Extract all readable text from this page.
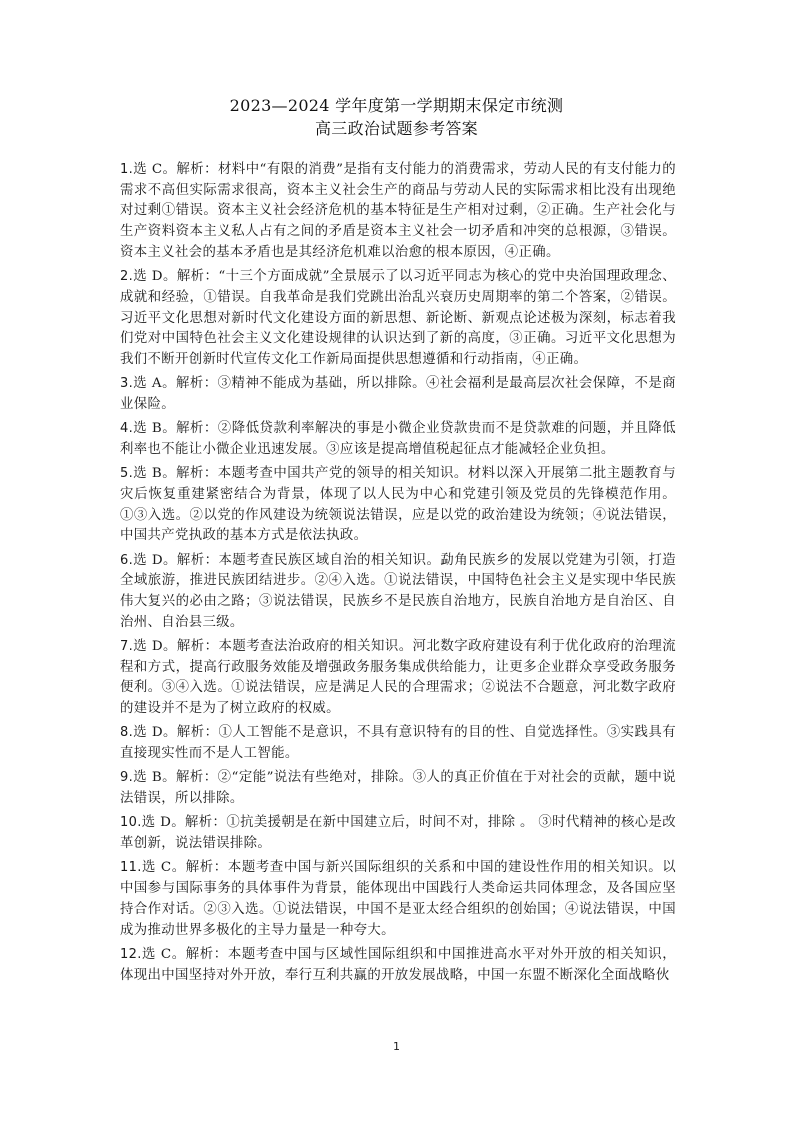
2023—2024 学年度第一学期期末保定市统测
高三政治试题参考答案

1.选 C。解析：材料中“有限的消费”是指有支付能力的消费需求，劳动人民的有支付能力的需求不高但实际需求很高，资本主义社会生产的商品与劳动人民的实际需求相比没有出现绝对过剩①错误。资本主义社会经济危机的基本特征是生产相对过剩，②正确。生产社会化与生产资料资本主义私人占有之间的矛盾是资本主义社会一切矛盾和冲突的总根源，③错误。资本主义社会的基本矛盾也是其经济危机难以治愈的根本原因，④正确。

2.选 D。解析：“十三个方面成就”全景展示了以习近平同志为核心的党中央治国理政理念、成就和经验，①错误。自我革命是我们党跳出治乱兴衰历史周期率的第二个答案，②错误。习近平文化思想对新时代文化建设方面的新思想、新论断、新观点论述极为深刻，标志着我们党对中国特色社会主义文化建设规律的认识达到了新的高度，③正确。习近平文化思想为我们不断开创新时代宣传文化工作新局面提供思想遵循和行动指南，④正确。

3.选 A。解析：③精神不能成为基础，所以排除。④社会福利是最高层次社会保障，不是商业保险。

4.选 B。解析：②降低贷款利率解决的事是小微企业贷款贵而不是贷款难的问题，并且降低利率也不能让小微企业迅速发展。③应该是提高增值税起征点才能减轻企业负担。

5.选 B。解析：本题考查中国共产党的领导的相关知识。材料以深入开展第二批主题教育与灾后恢复重建紧密结合为背景，体现了以人民为中心和党建引领及党员的先锋模范作用。①③入选。②以党的作风建设为统领说法错误，应是以党的政治建设为统领；④说法错误，中国共产党执政的基本方式是依法执政。

6.选 D。解析：本题考查民族区域自治的相关知识。勐角民族乡的发展以党建为引领，打造全域旅游，推进民族团结进步。②④入选。①说法错误，中国特色社会主义是实现中华民族伟大复兴的必由之路；③说法错误，民族乡不是民族自治地方，民族自治地方是自治区、自治州、自治县三级。

7.选 D。解析：本题考查法治政府的相关知识。河北数字政府建设有利于优化政府的治理流程和方式，提高行政服务效能及增强政务服务集成供给能力，让更多企业群众享受政务服务便利。③④入选。①说法错误，应是满足人民的合理需求；②说法不合题意，河北数字政府的建设并不是为了树立政府的权威。

8.选 D。解析：①人工智能不是意识，不具有意识特有的目的性、自觉选择性。③实践具有直接现实性而不是人工智能。

9.选 B。解析：②“定能”说法有些绝对，排除。③人的真正价值在于对社会的贡献，题中说法错误，所以排除。

10.选 D。解析：①抗美援朝是在新中国建立后，时间不对，排除 。 ③时代精神的核心是改革创新，说法错误排除。

11.选 C。解析：本题考查中国与新兴国际组织的关系和中国的建设性作用的相关知识。以中国参与国际事务的具体事件为背景，能体现出中国践行人类命运共同体理念，及各国应坚持合作对话。②③入选。①说法错误，中国不是亚太经合组织的创始国；④说法错误，中国成为推动世界多极化的主导力量是一种夸大。

12.选 C。解析：本题考查中国与区域性国际组织和中国推进高水平对外开放的相关知识，体现出中国坚持对外开放，奉行互利共赢的开放发展战略，中国一东盟不断深化全面战略伙

1
